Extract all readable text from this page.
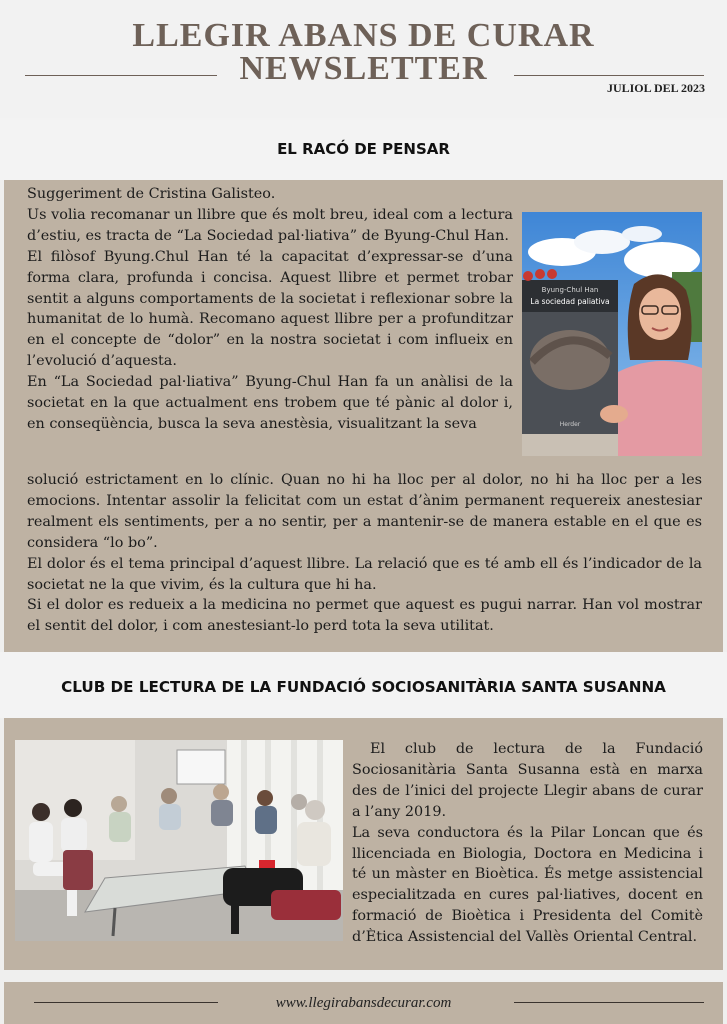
LLEGIR ABANS DE CURAR
NEWSLETTER
JULIOL DEL 2023
EL RACÓ DE PENSAR

Suggeriment de Cristina Galisteo.

Us volia recomanar un llibre que és molt breu, ideal com a lectura d’estiu, es tracta de “La Sociedad pal·liativa” de Byung-Chul Han.

El filòsof Byung.Chul Han té la capacitat d’expressar-se d’una forma clara, profunda i concisa. Aquest llibre et permet trobar sentit a alguns comportaments de la societat i reflexionar sobre la humanitat de lo humà. Recomano aquest llibre per a profunditzar en el concepte de “dolor” en la nostra societat i com influeix en l’evolució d’aquesta.

En “La Sociedad pal·liativa” Byung-Chul Han fa un anàlisi de la societat en la que actualment ens trobem que té pànic al dolor i, en conseqüència, busca la seva anestèsia, visualitzant la seva

Byung-Chul Han
La sociedad paliativa
Herder

solució estrictament en lo clínic. Quan no hi ha lloc per al dolor, no hi ha lloc per a les emocions. Intentar assolir la felicitat com un estat d’ànim permanent requereix anestesiar realment els sentiments, per a no sentir, per a mantenir-se de manera estable en el que es considera “lo bo”.

El dolor és el tema principal d’aquest llibre. La relació que es té amb ell és l’indicador de la societat ne la que vivim, és la cultura que hi ha.

Si el dolor es redueix a la medicina no permet que aquest es pugui narrar. Han vol mostrar el sentit del dolor, i com anestesiant-lo perd tota la seva utilitat.

CLUB DE LECTURA DE LA FUNDACIÓ SOCIOSANITÀRIA SANTA SUSANNA

El club de lectura de la Fundació Sociosanitària Santa Susanna està en marxa des de l’inici del projecte Llegir abans de curar a l’any 2019.

La seva conductora és la Pilar Loncan que és llicenciada en Biologia, Doctora en Medicina i té un màster en Bioètica. És metge assistencial especialitzada en cures pal·liatives, docent en formació de Bioètica i Presidenta del Comitè d’Ètica Assistencial del Vallès Oriental Central.

www.llegirabansdecurar.com
